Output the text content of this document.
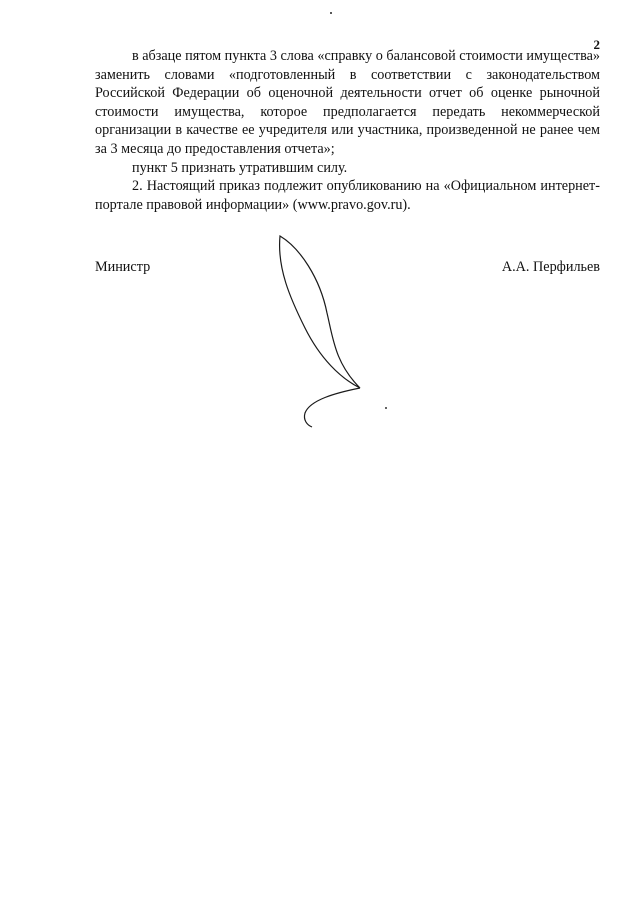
2

в абзаце пятом пункта 3 слова «справку о балансовой стоимости имущества» заменить словами «подготовленный в соответствии с законодательством Российской Федерации об оценочной деятельности отчет об оценке рыночной стоимости имущества, которое предполагается передать некоммерческой организации в качестве ее учредителя или участника, произведенной не ранее чем за 3 месяца до предоставления отчета»;

пункт 5 признать утратившим силу.

2. Настоящий приказ подлежит опубликованию на «Официальном интернет-портале правовой информации» (www.pravo.gov.ru).

Министр	А.А. Перфильев
